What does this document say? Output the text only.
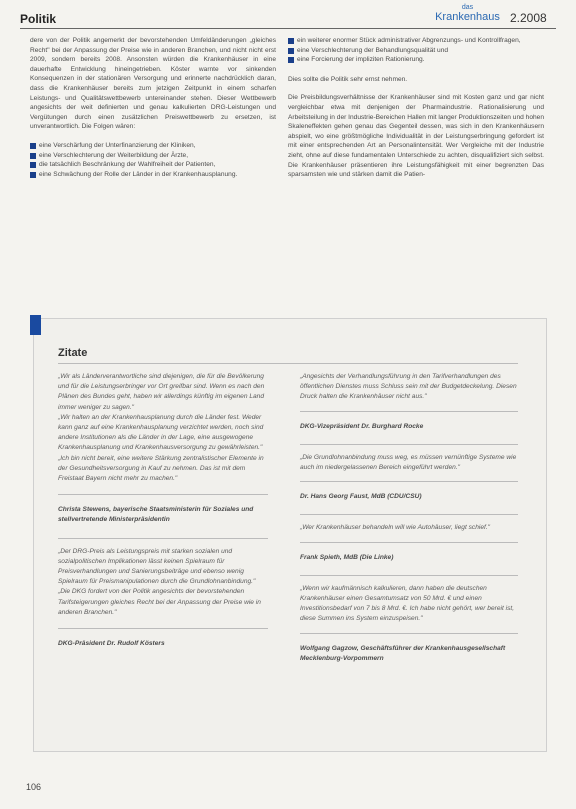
Politik
das
Krankenhaus 2.2008

dere von der Politik angemerkt der bevorstehenden Umfeldänderungen „gleiches Recht" bei der Anpassung der Preise wie in anderen Branchen, und nicht nicht erst 2009, sondern bereits 2008. Ansonsten würden die Krankenhäuser in eine dauerhafte Entwicklung hineingetrieben. Köster warnte vor sinkenden Konsequenzen in der stationären Versorgung und erinnerte nachdrücklich daran, dass die Krankenhäuser bereits zum jetzigen Zeitpunkt in einem scharfen Leistungs- und Qualitätswettbewerb untereinander stehen. Dieser Wettbewerb angesichts der weit definierten und genau kalkulierten DRG-Leistungen und Vergütungen durch einen zusätzlichen Preiswettbewerb zu ersetzen, ist unverantwortlich. Die Folgen wären:

eine Verschärfung der Unterfinanzierung der Kliniken,
eine Verschlechterung der Weiterbildung der Ärzte,
die tatsächlich Beschränkung der Wahlfreiheit der Patienten,
eine Schwächung der Rolle der Länder in der Krankenhausplanung.
ein weiterer enormer Stück administrativer Abgrenzungs- und Kontrollfragen,
eine Verschlechterung der Behandlungsqualität und
eine Forcierung der impliziten Rationierung.

Dies sollte die Politik sehr ernst nehmen.

Die Preisbildungsverhältnisse der Krankenhäuser sind mit Kosten ganz und gar nicht vergleichbar etwa mit denjenigen der Pharmaindustrie. Rationalisierung und Arbeitsteilung in der Industrie-Bereichen Hallen mit langer Produktionszeiten und hohen Skaleneffekten gehen genau das Gegenteil dessen, was sich in den Krankenhäusern abspielt, wo eine größtmögliche Individualität in der Leistungserbringung gefordert ist mit einer entsprechenden Art an Personalintensität. Wer Vergleiche mit der Industrie zieht, ohne auf diese fundamentalen Unterschiede zu achten, disqualifiziert sich selbst. Die Krankenhäuser präsentieren ihre Leistungsfähigkeit mit einer begrenzten Das sparsamsten wie und stärken damit die Patien-

Zitate

„Wir als Länderverantwortliche sind diejenigen, die für die Bevölkerung und für die Leistungserbringer vor Ort greifbar sind. Wenn es nach den Plänen des Bundes geht, haben wir allerdings künftig im eigenen Land immer weniger zu sagen."

„Wir halten an der Krankenhausplanung durch die Länder fest. Weder kann ganz auf eine Krankenhausplanung verzichtet werden, noch sind andere Institutionen als die Länder in der Lage, eine ausgewogene Krankenhausplanung und Krankenhausversorgung zu gewährleisten."

„Ich bin nicht bereit, eine weitere Stärkung zentralistischer Elemente in der Gesundheitsversorgung in Kauf zu nehmen. Das ist mit dem Freistaat Bayern nicht mehr zu machen."

Christa Stewens, bayerische Staatsministerin für Soziales und stellvertretende Ministerpräsidentin

„Der DRG-Preis als Leistungspreis mit starken sozialen und sozialpolitischen Implikationen lässt keinen Spielraum für Preisverhandlungen und Sanierungsbeiträge und ebenso wenig Spielraum für Preismanipulationen durch die Grundlohnanbindung."

„Die DKG fordert von der Politik angesichts der bevorstehenden Tarifsteigerungen gleiches Recht bei der Anpassung der Preise wie in anderen Branchen."

DKG-Präsident Dr. Rudolf Kösters

„Angesichts der Verhandlungsführung in den Tarifverhandlungen des öffentlichen Dienstes muss Schluss sein mit der Budgetdeckelung. Diesen Druck halten die Krankenhäuser nicht aus."

DKG-Vizepräsident Dr. Burghard Rocke

„Die Grundlohnanbindung muss weg, es müssen vernünftige Systeme wie auch im niedergelassenen Bereich eingeführt werden."

Dr. Hans Georg Faust, MdB (CDU/CSU)

„Wer Krankenhäuser behandeln will wie Autohäuser, liegt schief."

Frank Spieth, MdB (Die Linke)

„Wenn wir kaufmännisch kalkulieren, dann haben die deutschen Krankenhäuser einen Gesamtumsatz von 50 Mrd. € und einen Investitionsbedarf von 7 bis 8 Mrd. €. Ich habe nicht gehört, wer bereit ist, diese Summen ins System einzuspeisen."

Wolfgang Gagzow, Geschäftsführer der Krankenhausgesellschaft Mecklenburg-Vorpommern

106
